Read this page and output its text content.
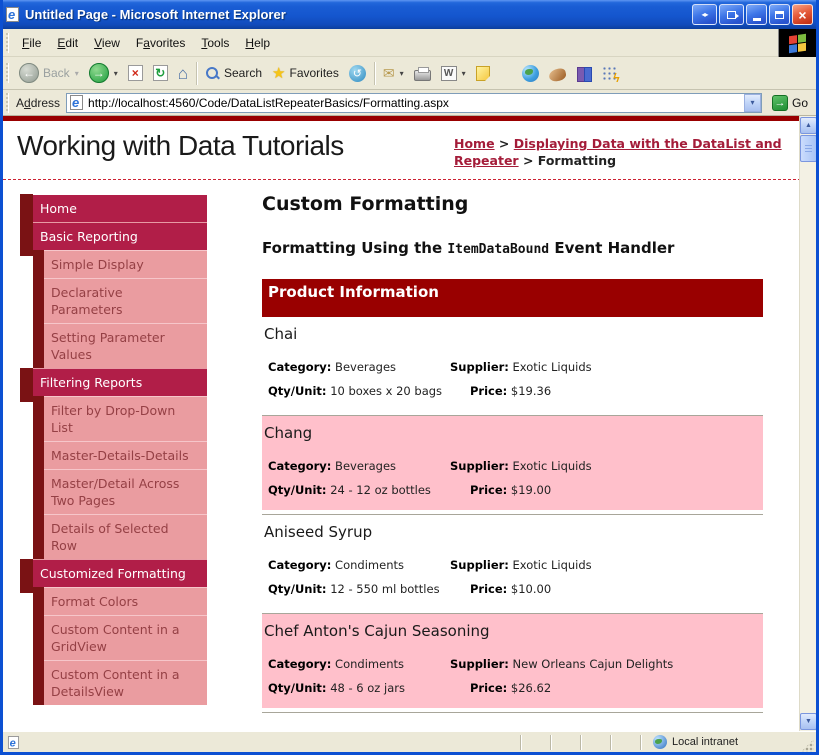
e Untitled Page - Microsoft Internet Explorer	◂▸	×
File Edit View Favorites Tools Help
← Back ▾ → ▾	×	↻ ⌂	Search ★ Favorites	↺ ✉ ▾	W	▾	ϟ
Address e http://localhost:4560/Code/DataListRepeaterBasics/Formatting.aspx	▾	→ Go
Working with Data Tutorials	Home > Displaying Data with the DataList and Repeater > Formatting
Home
Basic Reporting
Simple Display
Declarative Parameters
Setting Parameter Values
Filtering Reports
Filter by Drop-Down List
Master-Details-Details
Master/Detail Across Two Pages
Details of Selected Row
Customized Formatting
Format Colors
Custom Content in a GridView
Custom Content in a DetailsView
Custom Formatting
Formatting Using the ItemDataBound Event Handler
Product Information
Chai
Category: Beverages	Supplier: Exotic Liquids
Qty/Unit: 10 boxes x 20 bags Price: $19.36
Chang
Category: Beverages	Supplier: Exotic Liquids
Qty/Unit: 24 - 12 oz bottles	Price: $19.00
Aniseed Syrup
Category: Condiments	Supplier: Exotic Liquids
Qty/Unit: 12 - 550 ml bottles	Price: $10.00
Chef Anton's Cajun Seasoning
Category: Condiments	Supplier: New Orleans Cajun Delights
Qty/Unit: 48 - 6 oz jars	Price: $26.62
▲
▼
e	Local intranet
